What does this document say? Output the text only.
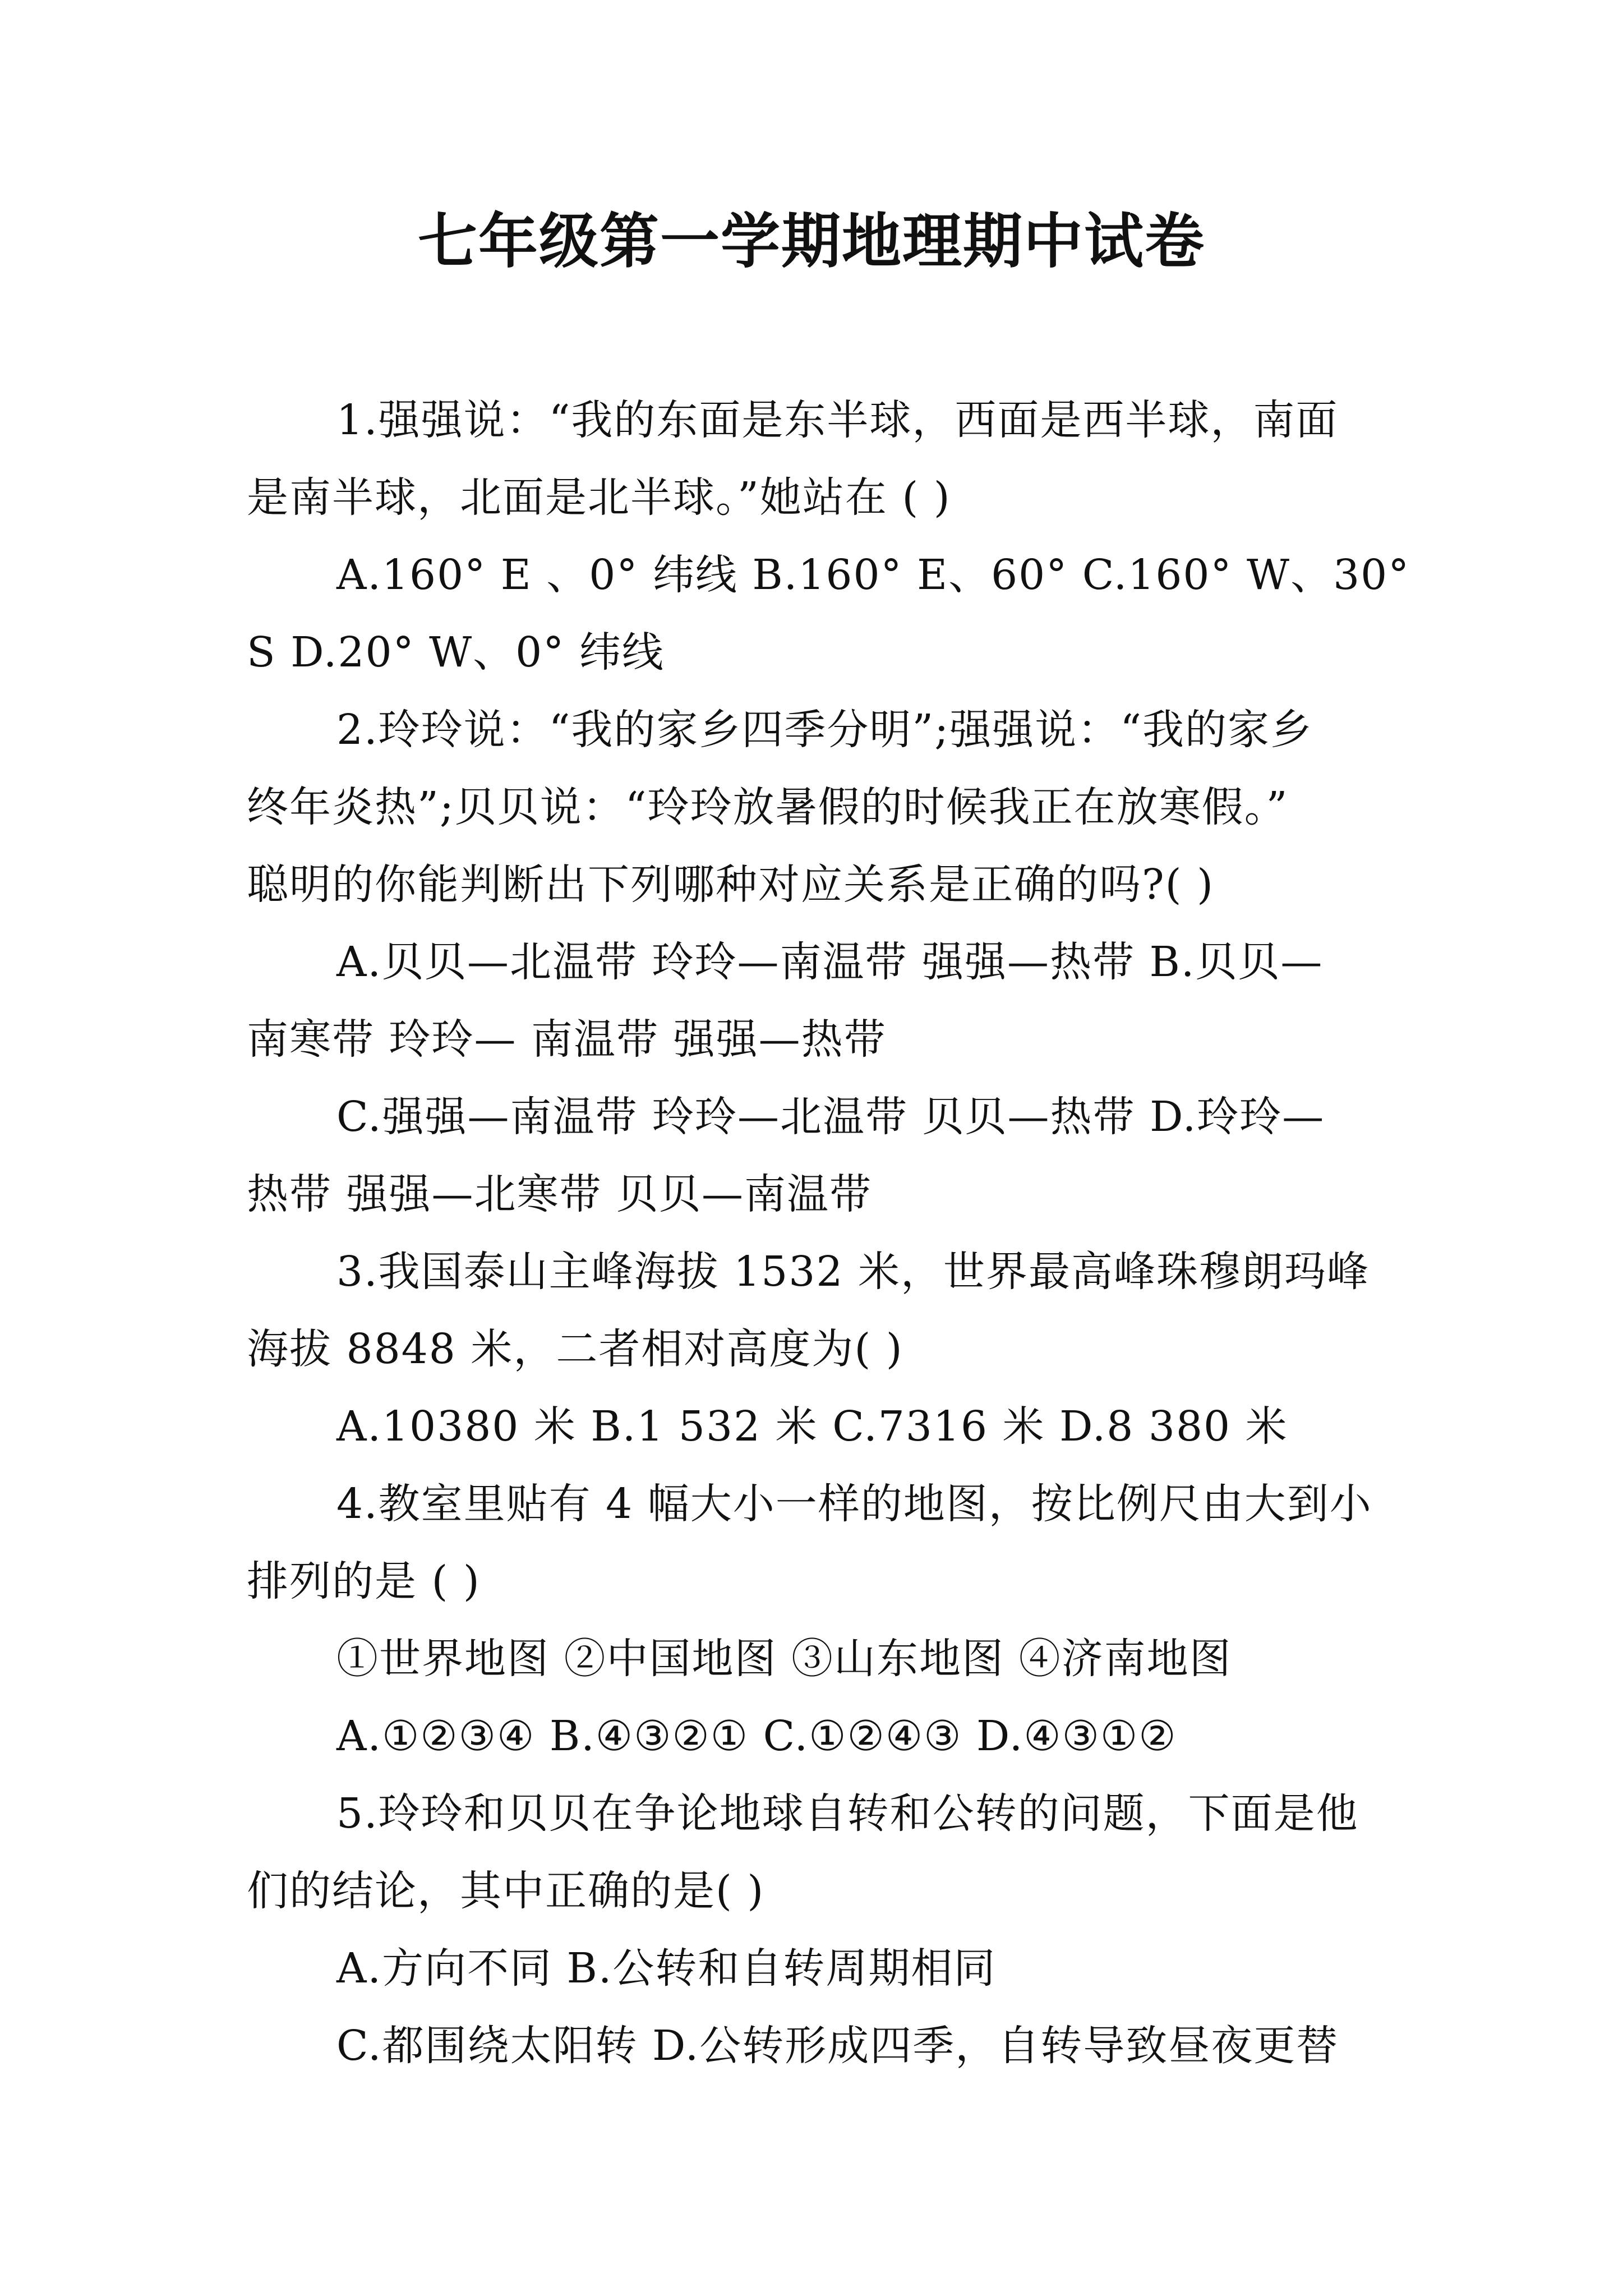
七年级第一学期地理期中试卷

1.强强说：“我的东面是东半球，西面是西半球，南面

是南半球，北面是北半球。”她站在 ( )

A.160° E 、0° 纬线 B.160° E、60° C.160° W、30°

S D.20° W、0° 纬线

2.玲玲说：“我的家乡四季分明”;强强说：“我的家乡

终年炎热”;贝贝说：“玲玲放暑假的时候我正在放寒假。”

聪明的你能判断出下列哪种对应关系是正确的吗?( )

A.贝贝—北温带 玲玲—南温带 强强—热带 B.贝贝—

南寒带 玲玲— 南温带 强强—热带

C.强强—南温带 玲玲—北温带 贝贝—热带 D.玲玲—

热带 强强—北寒带 贝贝—南温带

3.我国泰山主峰海拔 1532 米，世界最高峰珠穆朗玛峰

海拔 8848 米，二者相对高度为( )

A.10380 米 B.1 532 米 C.7316 米 D.8 380 米

4.教室里贴有 4 幅大小一样的地图，按比例尺由大到小

排列的是 ( )

①世界地图 ②中国地图 ③山东地图 ④济南地图

A.①②③④ B.④③②① C.①②④③ D.④③①②

5.玲玲和贝贝在争论地球自转和公转的问题，下面是他

们的结论，其中正确的是( )

A.方向不同 B.公转和自转周期相同

C.都围绕太阳转 D.公转形成四季，自转导致昼夜更替
